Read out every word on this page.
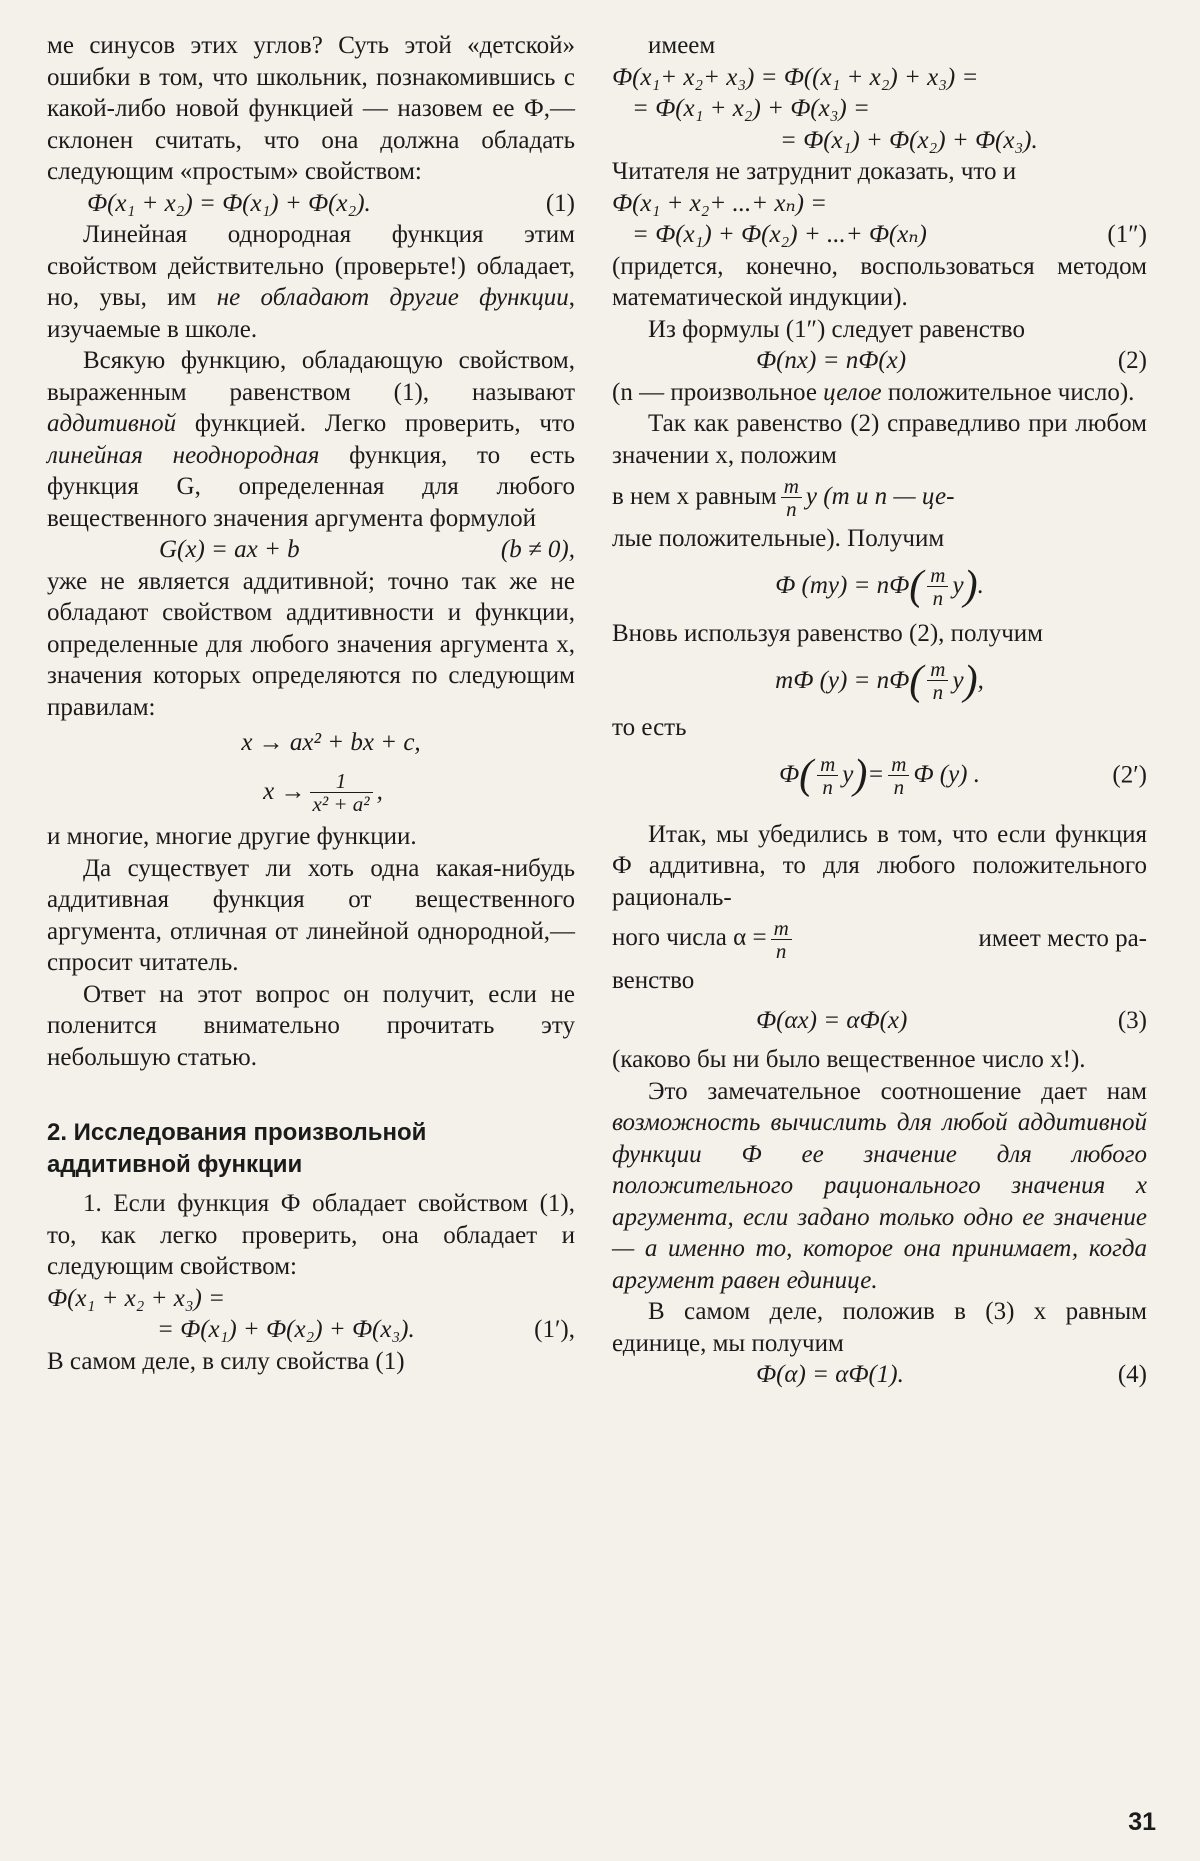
ме синусов этих углов? Суть этой «детской» ошибки в том, что школьник, познакомившись с какой-либо новой функцией — назовем ее Ф,— склонен считать, что она должна обладать следующим «простым» свойством:

Ф(x₁ + x₂) = Ф(x₁) + Ф(x₂).	(1)

Линейная однородная функция этим свойством действительно (проверьте!) обладает, но, увы, им не обладают другие функции, изучаемые в школе.

Всякую функцию, обладающую свойством, выраженным равенством (1), называют аддитивной функцией. Легко проверить, что линейная неоднородная функция, то есть функция G, определенная для любого вещественного значения аргумента формулой

G(x) = ax + b	(b ≠ 0),

уже не является аддитивной; точно так же не обладают свойством аддитивности и функции, определенные для любого значения аргумента x, значения которых определяются по следующим правилам:

x → ax² + bx + c,
$x \to \frac{1}{\text{x² + a²}}$ ,

и многие, многие другие функции.

Да существует ли хоть одна какая-нибудь аддитивная функция от вещественного аргумента, отличная от линейной однородной,— спросит читатель.

Ответ на этот вопрос он получит, если не поленится внимательно прочитать эту небольшую статью.

2. Исследования произвольной аддитивной функции

1. Если функция Ф обладает свойством (1), то, как легко проверить, она обладает и следующим свойством:

Ф(x₁ + x₂ + x₃) =
= Ф(x₁) + Ф(x₂) + Ф(x₃).	(1′),

В самом деле, в силу свойства (1)

имеем

Ф(x₁+ x₂+ x₃) = Ф((x₁ + x₂) + x₃) =
= Ф(x₁ + x₂) + Ф(x₃) =
= Ф(x₁) + Ф(x₂) + Ф(x₃).

Читателя не затруднит доказать, что и

Ф(x₁ + x₂+ ...+ xₙ) =
= Ф(x₁) + Ф(x₂) + ...+ Ф(xₙ)	(1″)

(придется, конечно, воспользоваться методом математической индукции).

Из формулы (1″) следует равенство

Ф(nx) = nФ(x)	(2)

(n — произвольное целое положительное число).

Так как равенство (2) справедливо при любом значении x, положим

в нем x равным $\frac{m}{n}$ y (m и n — це-

лые положительные). Получим

Ф (my) = nФ ( $\frac{m}{n}$ y ) .

Вновь используя равенство (2), получим

mФ (y) = nФ ( $\frac{m}{n}$ y ) ,

то есть

Ф ( $\frac{m}{n}$ y ) = $\frac{m}{n}$ Ф (y) .	(2′)

Итак, мы убедились в том, что если функция Ф аддитивна, то для любого положительного рациональ-

ного числа $\alpha = \frac{m}{n}$	имеет место ра-

венство

Ф(αx) = αФ(x)	(3)

(каково бы ни было вещественное число x!).

Это замечательное соотношение дает нам возможность вычислить для любой аддитивной функции Ф ее значение для любого положительного рационального значения x аргумента, если задано только одно ее значение — а именно то, которое она принимает, когда аргумент равен единице.

В самом деле, положив в (3) x равным единице, мы получим

Ф(α) = αФ(1).	(4)
31
